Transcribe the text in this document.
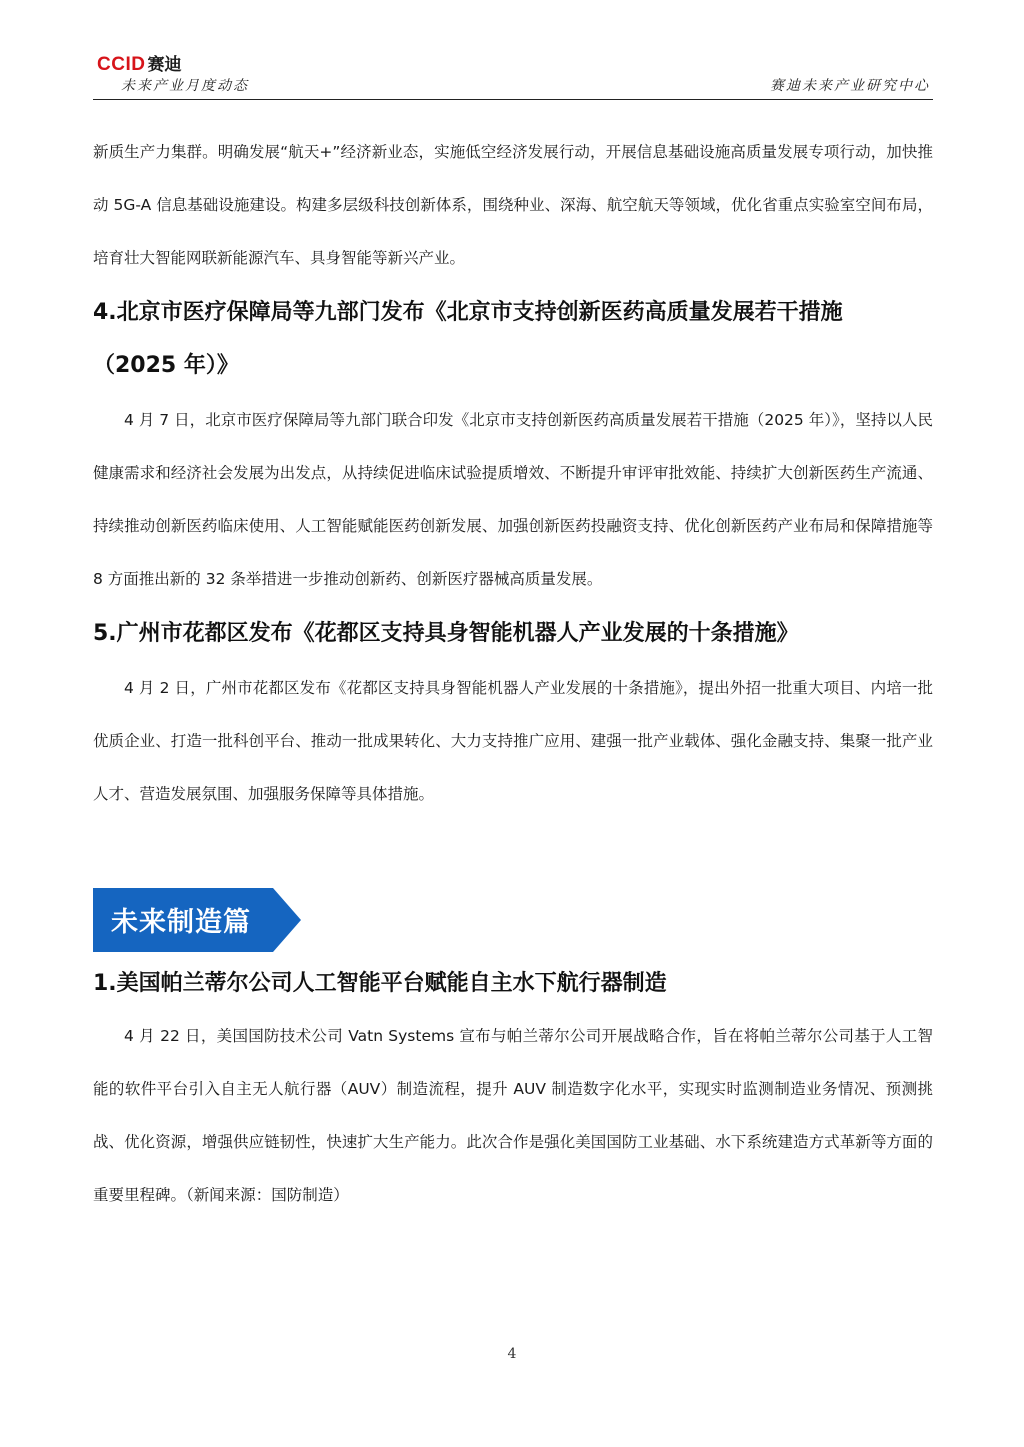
CCID 赛迪
未来产业月度动态	赛迪未来产业研究中心

新质生产力集群。明确发展“航天+”经济新业态，实施低空经济发展行动，开展信息基础设施高质量发展专项行动，加快推动 5G-A 信息基础设施建设。构建多层级科技创新体系，围绕种业、深海、航空航天等领域，优化省重点实验室空间布局，培育壮大智能网联新能源汽车、具身智能等新兴产业。

4.北京市医疗保障局等九部门发布《北京市支持创新医药高质量发展若干措施
（2025 年）》

4 月 7 日，北京市医疗保障局等九部门联合印发《北京市支持创新医药高质量发展若干措施（2025 年）》，坚持以人民健康需求和经济社会发展为出发点，从持续促进临床试验提质增效、不断提升审评审批效能、持续扩大创新医药生产流通、持续推动创新医药临床使用、人工智能赋能医药创新发展、加强创新医药投融资支持、优化创新医药产业布局和保障措施等 8 方面推出新的 32 条举措进一步推动创新药、创新医疗器械高质量发展。

5.广州市花都区发布《花都区支持具身智能机器人产业发展的十条措施》

4 月 2 日，广州市花都区发布《花都区支持具身智能机器人产业发展的十条措施》，提出外招一批重大项目、内培一批优质企业、打造一批科创平台、推动一批成果转化、大力支持推广应用、建强一批产业载体、强化金融支持、集聚一批产业人才、营造发展氛围、加强服务保障等具体措施。

未来制造篇
1.美国帕兰蒂尔公司人工智能平台赋能自主水下航行器制造

4 月 22 日，美国国防技术公司 Vatn Systems 宣布与帕兰蒂尔公司开展战略合作，旨在将帕兰蒂尔公司基于人工智能的软件平台引入自主无人航行器（AUV）制造流程，提升 AUV 制造数字化水平，实现实时监测制造业务情况、预测挑战、优化资源，增强供应链韧性，快速扩大生产能力。此次合作是强化美国国防工业基础、水下系统建造方式革新等方面的重要里程碑。（新闻来源：国防制造）

4
